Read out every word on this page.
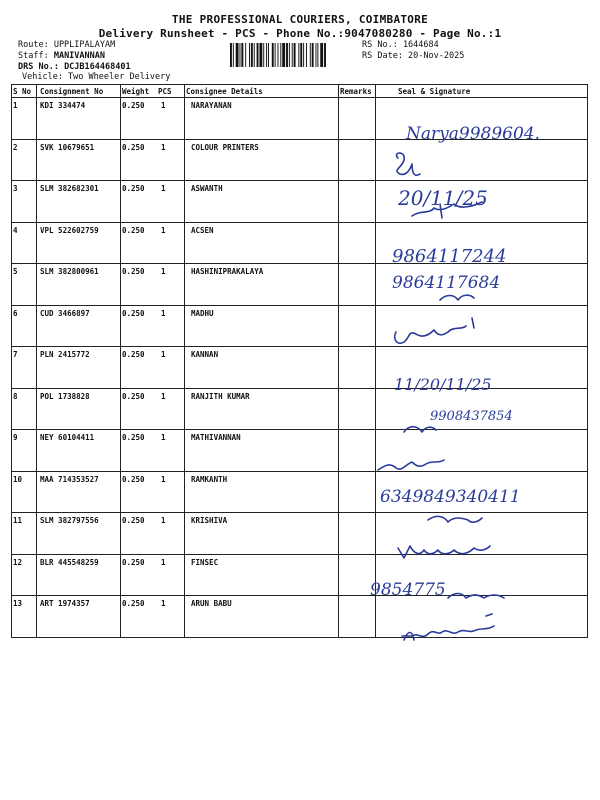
THE PROFESSIONAL COURIERS, COIMBATORE
Delivery Runsheet - PCS - Phone No.:9047080280 - Page No.:1
Route: UPPLIPALAYAM
Staff: MANIVANNAN
DRS No.: DCJB164468401
Vehicle: Two Wheeler Delivery
RS No.: 1644684
RS Date: 20-Nov-2025
S No Consignment No	Weight PCS Consignee Details	Remarks	Seal & Signature
1	KDI 334474	0.250 1	NARAYANAN
2	SVK 10679651	0.250 1	COLOUR PRINTERS
3	SLM 382682301	0.250 1	ASWANTH
4	VPL 522602759	0.250 1	ACSEN
5	SLM 382800961	0.250 1	HASHINIPRAKALAYA
6	CUD 3466897	0.250 1	MADHU
7	PLN 2415772	0.250 1	KANNAN
8	POL 1738828	0.250 1	RANJITH KUMAR
9	NEY 60104411	0.250 1	MATHIVANNAN
10 MAA 714353527	0.250 1	RAMKANTH
11 SLM 382797556	0.250 1	KRISHIVA
12 BLR 445548259	0.250 1	FINSEC
13 ART 1974357	0.250 1	ARUN BABU
Narya9989604.
20/11/25
9864117244
9864117684
11/20/11/25
9908437854
6349849340411
9854775
